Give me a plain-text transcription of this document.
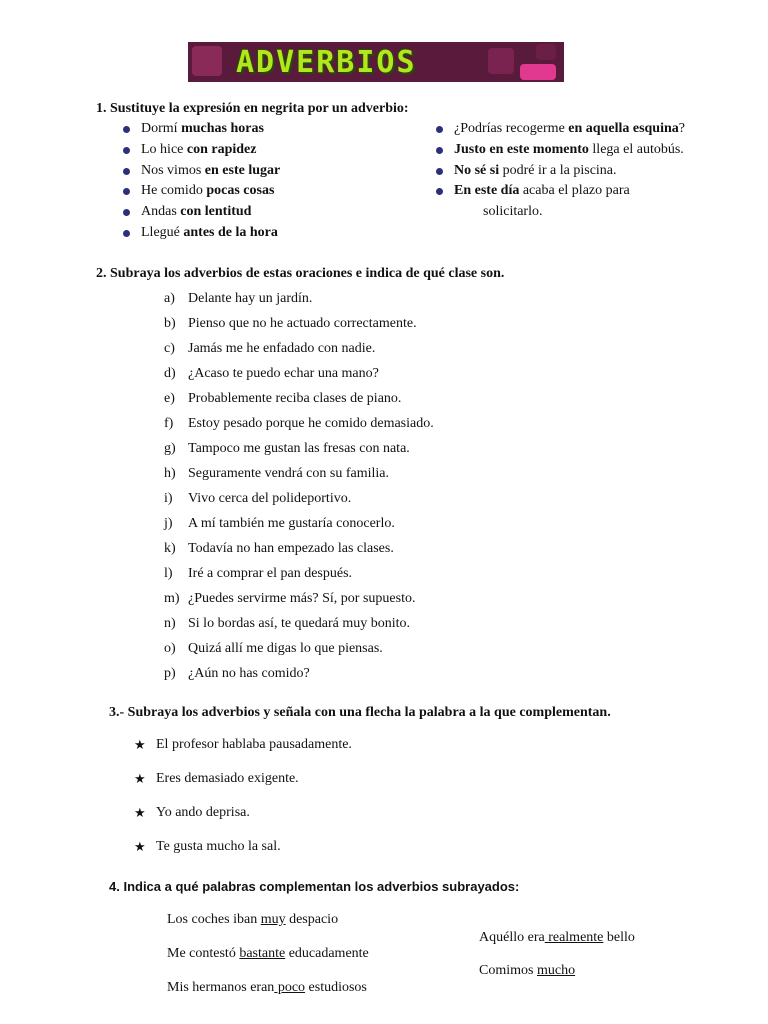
ADVERBIOS
1. Sustituye la expresión en negrita por un adverbio:
Dormí muchas horas
Lo hice con rapidez
Nos vimos en este lugar
He comido pocas cosas
Andas con lentitud
Llegué antes de la hora
¿Podrías recogerme en aquella esquina?
Justo en este momento llega el autobús.
No sé si podré ir a la piscina.
En este día acaba el plazo para
solicitarlo.
2. Subraya los adverbios de estas oraciones e indica de qué clase son.
a) Delante hay un jardín.
b) Pienso que no he actuado correctamente.
c) Jamás me he enfadado con nadie.
d) ¿Acaso te puedo echar una mano?
e) Probablemente reciba clases de piano.
f) Estoy pesado porque he comido demasiado.
g) Tampoco me gustan las fresas con nata.
h) Seguramente vendrá con su familia.
i) Vivo cerca del polideportivo.
j) A mí también me gustaría conocerlo.
k) Todavía no han empezado las clases.
l) Iré a comprar el pan después.
m) ¿Puedes servirme más? Sí, por supuesto.
n) Si lo bordas así, te quedará muy bonito.
o) Quizá allí me digas lo que piensas.
p) ¿Aún no has comido?
3.- Subraya los adverbios y señala con una flecha la palabra a la que complementan.
★ El profesor hablaba pausadamente.
★ Eres demasiado exigente.
★ Yo ando deprisa.
★ Te gusta mucho la sal.
4. Indica a qué palabras complementan los adverbios subrayados:
Los coches iban muy despacio
Me contestó bastante educadamente
Mis hermanos eran poco estudiosos
Aquéllo era realmente bello
Comimos mucho
